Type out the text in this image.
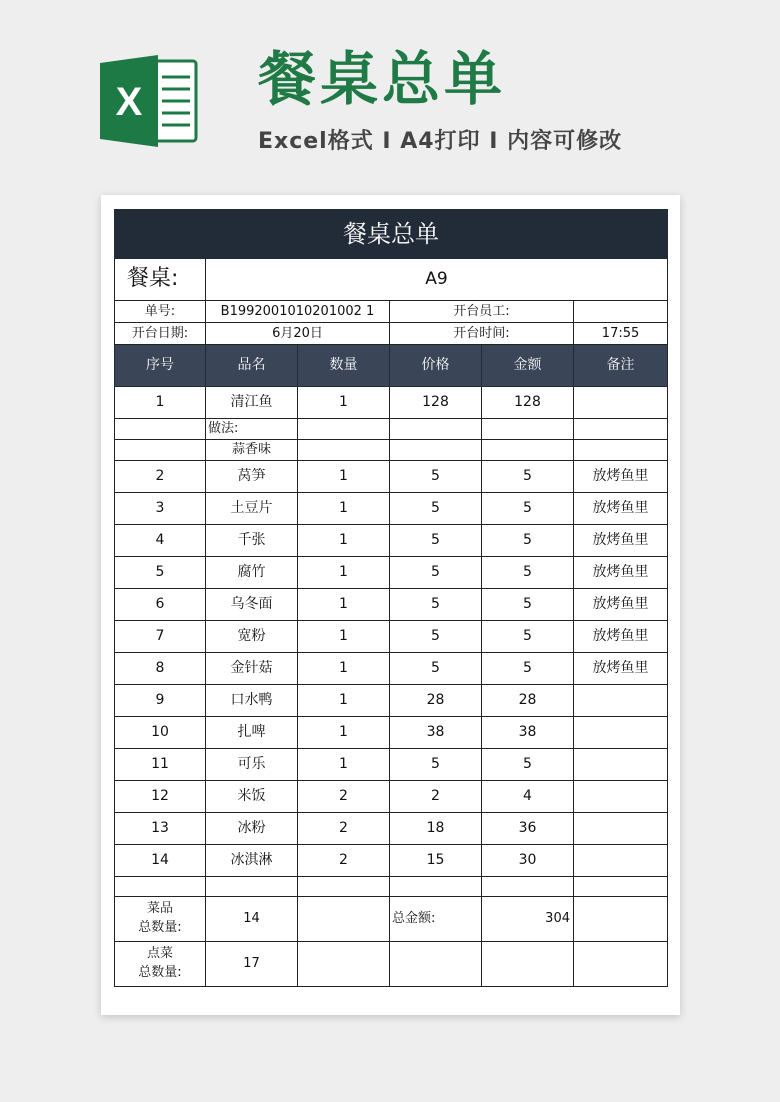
X 餐桌总单
Excel格式 I A4打印 I 内容可修改
餐桌总单					
餐桌:	A9				
单号:	B1992001010201002 1		开台员工:		
开台日期:	6月20日		开台时间:		17:55
序号	品名	数量	价格	金额	备注
1	清江鱼	1	128	128	
	做法:				
	蒜香味				
2	莴笋	1	5	5	放烤鱼里
3	土豆片	1	5	5	放烤鱼里
4	千张	1	5	5	放烤鱼里
5	腐竹	1	5	5	放烤鱼里
6	乌冬面	1	5	5	放烤鱼里
7	宽粉	1	5	5	放烤鱼里
8	金针菇	1	5	5	放烤鱼里
9	口水鸭	1	28	28	
10	扎啤	1	38	38	
11	可乐	1	5	5	
12	米饭	2	2	4	
13	冰粉	2	18	36	
14	冰淇淋	2	15	30	

菜品
总数量:	14		总金额:	304	
点菜
总数量:	17				
